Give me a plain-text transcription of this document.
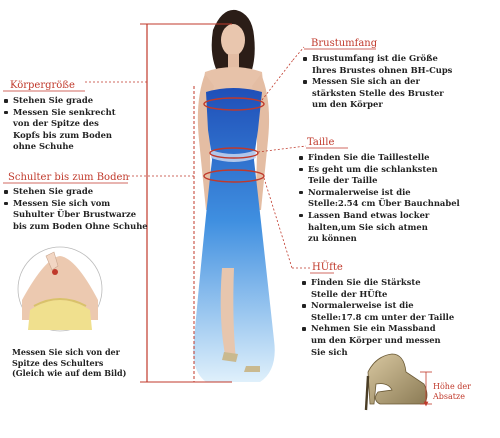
Körpergröße
Stehen Sie grade
Messen Sie senkrecht
von der Spitze des
Kopfs bis zum Boden
ohne Schuhe
Schulter bis zum Boden
Stehen Sie grade
Messen Sie sich vom
Suhulter Über Brustwarze
bis zum Boden Ohne Schuhe
Messen Sie sich von der
Spitze des Schulters
(Gleich wie auf dem Bild)
Brustumfang
Brustumfang ist die Größe
Ihres Brustes ohnen BH-Cups
Messen Sie sich an der
stärksten Stelle des Bruster
um den Körper
Taille
Finden Sie die Taillestelle
Es geht um die schlanksten
Teile der Taille
Normalerweise ist die
Stelle:2.54 cm Über Bauchnabel
Lassen Band etwas locker
halten,um Sie sich atmen
zu können
HÜfte
Finden Sie die Stärkste
Stelle der HÜfte
Normalerweise ist die
Stelle:17.8 cm unter der Taille
Nehmen Sie ein Massband
um den Körper und messen
Sie sich
Höhe der
Absatze
